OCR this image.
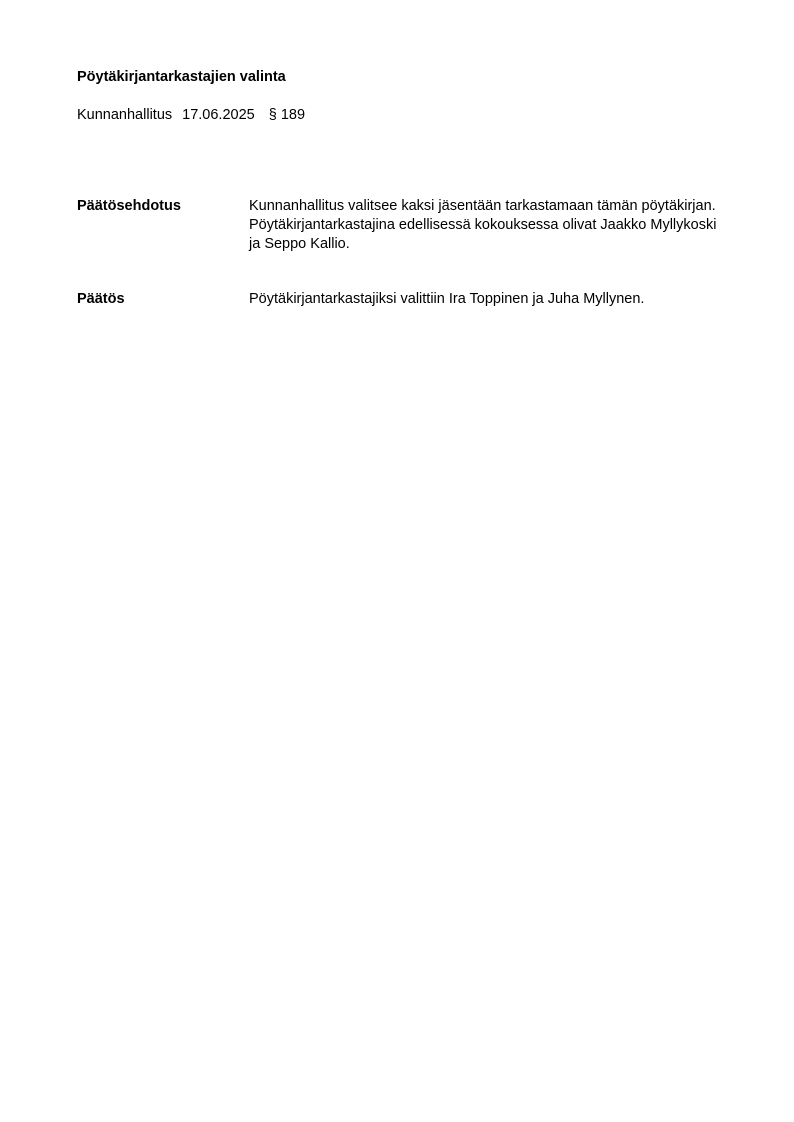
Pöytäkirjantarkastajien valinta
Kunnanhallitus 17.06.2025 § 189
Päätösehdotus	Kunnanhallitus valitsee kaksi jäsentään tarkastamaan tämän pöytäkirjan.

Pöytäkirjantarkastajina edellisessä kokouksessa olivat Jaakko Myllykoski ja Seppo Kallio.

Päätös	Pöytäkirjantarkastajiksi valittiin Ira Toppinen ja Juha Myllynen.
